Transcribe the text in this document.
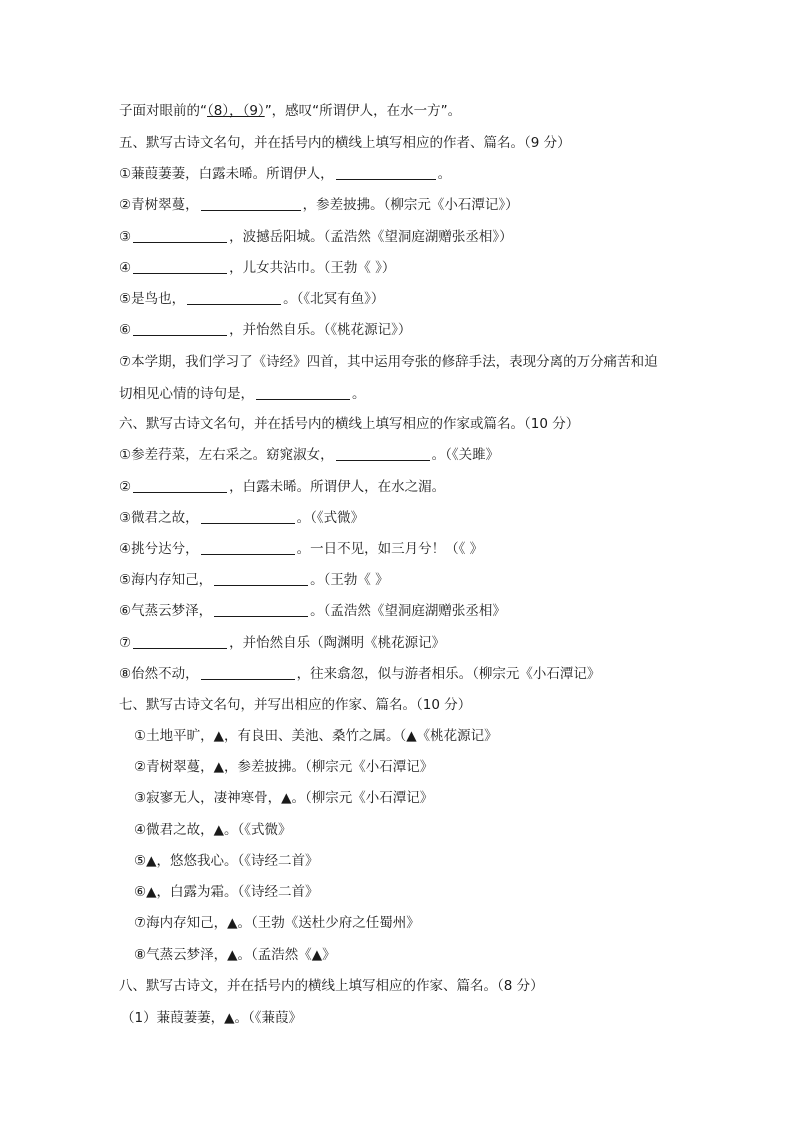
子面对眼前的“（8），（9）”，感叹“所谓伊人，在水一方”。
五、默写古诗文名句，并在括号内的横线上填写相应的作者、篇名。（9 分）
①蒹葭萋萋，白露未晞。所谓伊人，	。
②青树翠蔓，	，参差披拂。（柳宗元《小石潭记》）
③	，波撼岳阳城。（孟浩然《望洞庭湖赠张丞相》）
④	，儿女共沾巾。（王勃《 》）
⑤是鸟也，	。（《北冥有鱼》）
⑥	，并怡然自乐。（《桃花源记》）
⑦本学期，我们学习了《诗经》四首，其中运用夸张的修辞手法，表现分离的万分痛苦和迫
切相见心情的诗句是，	。
六、默写古诗文名句，并在括号内的横线上填写相应的作家或篇名。（10 分）
①参差荇菜，左右采之。窈窕淑女，	。（《关雎》
②	，白露未晞。所谓伊人，在水之湄。
③微君之故，	。（《式微》
④挑兮达兮，	。一日不见，如三月兮！（《 》
⑤海内存知己，	。（王勃《 》
⑥气蒸云梦泽，	。（孟浩然《望洞庭湖赠张丞相》
⑦	，并怡然自乐（陶渊明《桃花源记》
⑧佁然不动，	，往来翕忽，似与游者相乐。（柳宗元《小石潭记》
七、默写古诗文名句，并写出相应的作家、篇名。（10 分）
①土地平旷，▲，有良田、美池、桑竹之属。（▲《桃花源记》
②青树翠蔓，▲，参差披拂。（柳宗元《小石潭记》
③寂寥无人，凄神寒骨，▲。（柳宗元《小石潭记》
④微君之故，▲。（《式微》
⑤▲，悠悠我心。（《诗经二首》
⑥▲，白露为霜。（《诗经二首》
⑦海内存知己，▲。（王勃《送杜少府之任蜀州》
⑧气蒸云梦泽，▲。（孟浩然《▲》
八、默写古诗文，并在括号内的横线上填写相应的作家、篇名。（8 分）
（1）蒹葭萋萋，▲。（《蒹葭》
